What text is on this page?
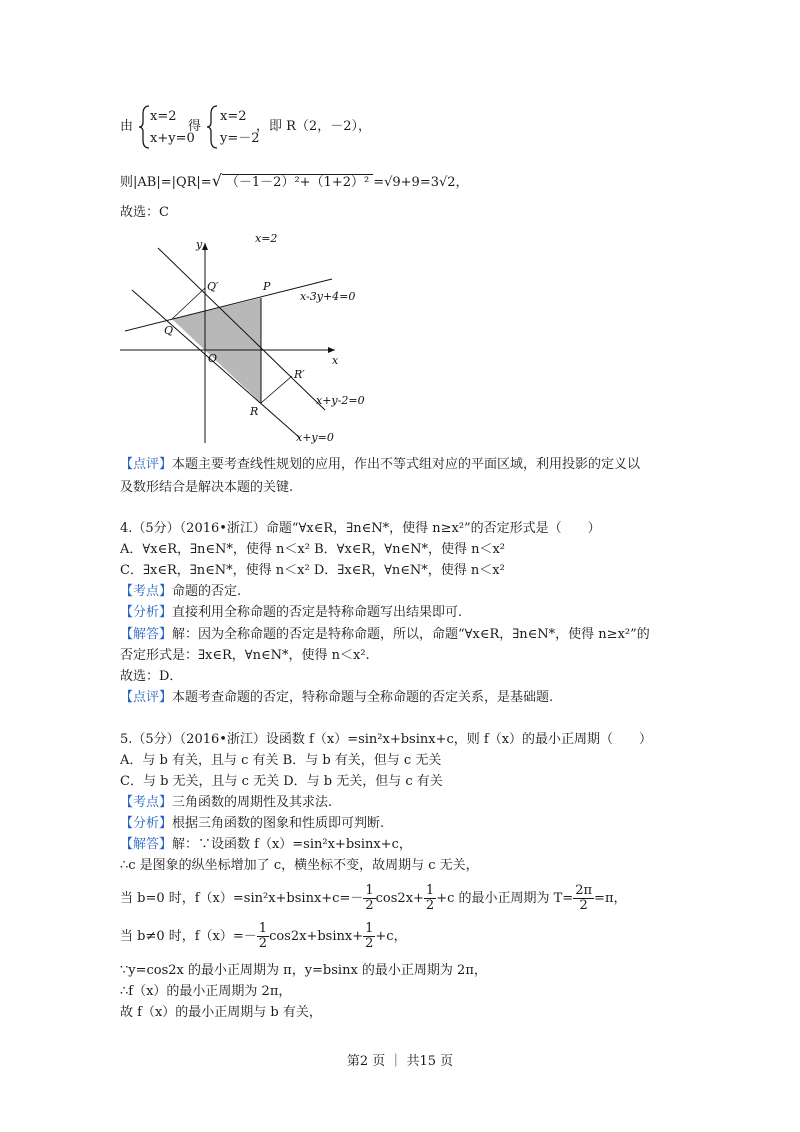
由
x=2
x+y=0
得
x=2
y=－2
，即 R（2，－2），
则|AB|=|QR|=√ （－1－2）²+（1+2）² =√9+9=3√2，
故选：C
x=2
y
x
Q′	P
Q
O
R′
R
x-3y+4=0
x+y-2=0
x+y=0
【点评】本题主要考查线性规划的应用，作出不等式组对应的平面区域，利用投影的定义以
及数形结合是解决本题的关键.
4.（5分）（2016•浙江）命题“∀x∈R，∃n∈N*，使得 n≥x²”的否定形式是（　　）
A．∀x∈R，∃n∈N*，使得 n＜x² B．∀x∈R，∀n∈N*，使得 n＜x²
C．∃x∈R，∃n∈N*，使得 n＜x² D．∃x∈R，∀n∈N*，使得 n＜x²
【考点】命题的否定.
【分析】直接利用全称命题的否定是特称命题写出结果即可.
【解答】解：因为全称命题的否定是特称命题，所以，命题“∀x∈R，∃n∈N*，使得 n≥x²”的
否定形式是：∃x∈R，∀n∈N*，使得 n＜x².
故选：D．
【点评】本题考查命题的否定，特称命题与全称命题的否定关系，是基础题.
5.（5分）（2016•浙江）设函数 f（x）=sin²x+bsinx+c，则 f（x）的最小正周期（　　）
A．与 b 有关，且与 c 有关 B．与 b 有关，但与 c 无关
C．与 b 无关，且与 c 无关 D．与 b 无关，但与 c 有关
【考点】三角函数的周期性及其求法.
【分析】根据三角函数的图象和性质即可判断.
【解答】解：∵设函数 f（x）=sin²x+bsinx+c，
∴c 是图象的纵坐标增加了 c，横坐标不变，故周期与 c 无关，
当 b=0 时，$f(x)=\sin^2x+bsinx+c=- \frac{1}{2} \cos 2x+ \frac{1}{2} +c$ 的最小正周期为 $T= \frac{2\pi}{2} =\pi$，
当 b≠0 时，$f(x)=- \frac{1}{2} \cos 2x+bsinx+ \frac{1}{2} +c$，
∵y=cos2x 的最小正周期为 π，y=bsinx 的最小正周期为 2π，
∴f（x）的最小正周期为 2π，
故 f（x）的最小正周期与 b 有关，
第2 页 ｜ 共15 页
